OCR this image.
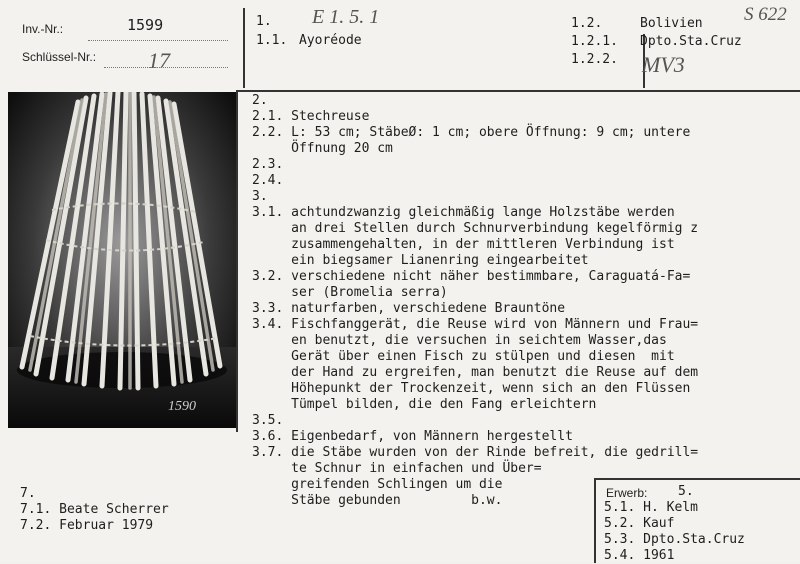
Inv.-Nr.:	1599
Schlüssel-Nr.: 17
1.
1.1. Ayoréode
E 1. 5. 1	1.2.	Bolivien S 622
1.2.1. Dpto.Sta.Cruz
1.2.2. MV3
1590

2.

2.1. Stechreuse

2.2. L: 53 cm; StäbeØ: 1 cm; obere Öffnung: 9 cm; untere

Öffnung 20 cm

2.3.

2.4.

3.

3.1. achtundzwanzig gleichmäßig lange Holzstäbe werden

an drei Stellen durch Schnurverbindung kegelförmig z

zusammengehalten, in der mittleren Verbindung ist

ein biegsamer Lianenring eingearbeitet

3.2. verschiedene nicht näher bestimmbare, Caraguatá-Fa=

ser (Bromelia serra)

3.3. naturfarben, verschiedene Brauntöne

3.4. Fischfanggerät, die Reuse wird von Männern und Frau=

en benutzt, die versuchen in seichtem Wasser,das

Gerät über einen Fisch zu stülpen und diesen  mit

der Hand zu ergreifen, man benutzt die Reuse auf dem

Höhepunkt der Trockenzeit, wenn sich an den Flüssen

Tümpel bilden, die den Fang erleichtern

3.5.

3.6. Eigenbedarf, von Männern hergestellt

3.7. die Stäbe wurden von der Rinde befreit, die gedrill=

te Schnur in einfachen und Über=

greifenden Schlingen um die

Stäbe gebunden         b.w.

7.

7.1. Beate Scherrer

7.2. Februar 1979

Erwerb: 5.

5.1. H. Kelm

5.2. Kauf

5.3. Dpto.Sta.Cruz

5.4. 1961
